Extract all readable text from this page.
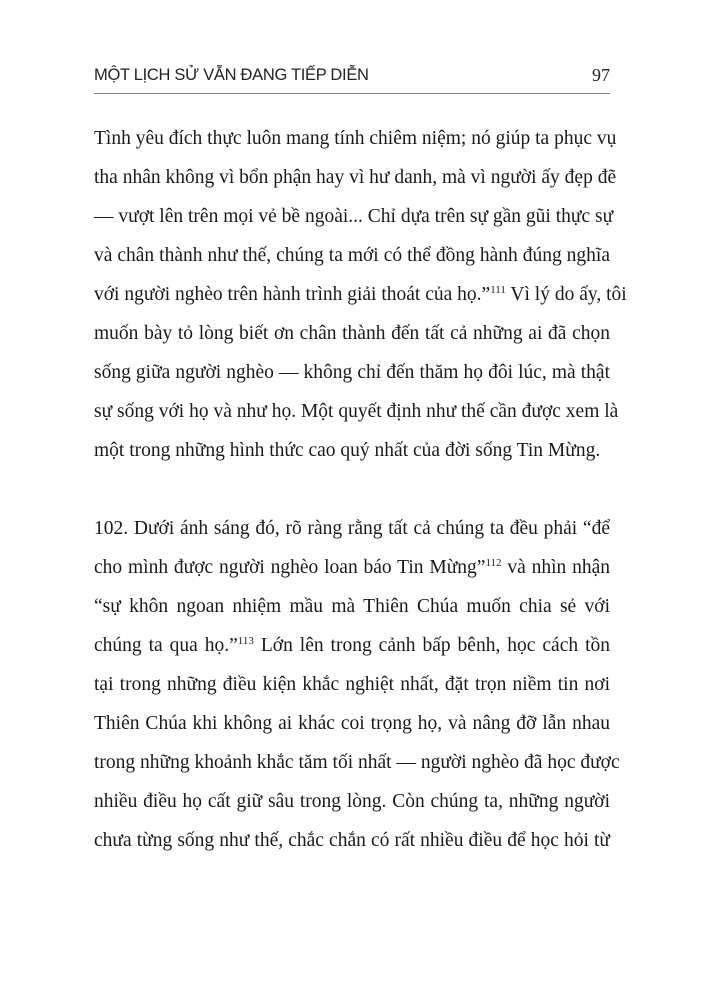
MỘT LỊCH SỬ VẪN ĐANG TIẾP DIỄN	97
Tình yêu đích thực luôn mang tính chiêm niệm; nó giúp ta phục vụ
tha nhân không vì bổn phận hay vì hư danh, mà vì người ấy đẹp đẽ
— vượt lên trên mọi vẻ bề ngoài... Chỉ dựa trên sự gần gũi thực sự
và chân thành như thế, chúng ta mới có thể đồng hành đúng nghĩa
với người nghèo trên hành trình giải thoát của họ.”$^{111}$ Vì lý do ấy, tôi
muốn bày tỏ lòng biết ơn chân thành đến tất cả những ai đã chọn
sống giữa người nghèo — không chỉ đến thăm họ đôi lúc, mà thật
sự sống với họ và như họ. Một quyết định như thế cần được xem là
một trong những hình thức cao quý nhất của đời sống Tin Mừng.
102. Dưới ánh sáng đó, rõ ràng rằng tất cả chúng ta đều phải “để
cho mình được người nghèo loan báo Tin Mừng”$^{112}$ và nhìn nhận
“sự khôn ngoan nhiệm mầu mà Thiên Chúa muốn chia sẻ với
chúng ta qua họ.”$^{113}$ Lớn lên trong cảnh bấp bênh, học cách tồn
tại trong những điều kiện khắc nghiệt nhất, đặt trọn niềm tin nơi
Thiên Chúa khi không ai khác coi trọng họ, và nâng đỡ lẫn nhau
trong những khoảnh khắc tăm tối nhất — người nghèo đã học được
nhiều điều họ cất giữ sâu trong lòng. Còn chúng ta, những người
chưa từng sống như thế, chắc chắn có rất nhiều điều để học hỏi từ
